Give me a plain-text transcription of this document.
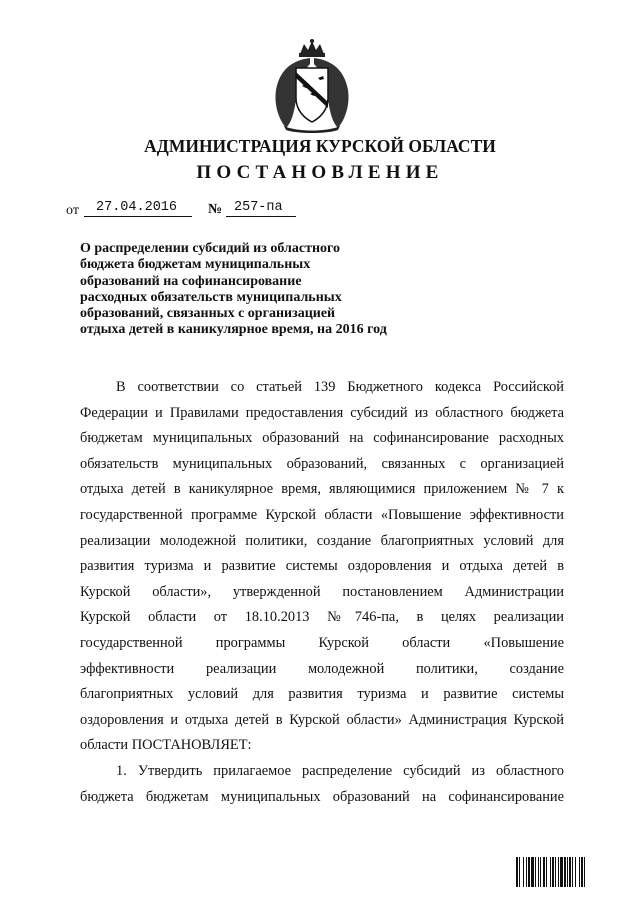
АДМИНИСТРАЦИЯ КУРСКОЙ ОБЛАСТИ
ПОСТАНОВЛЕНИЕ
от	27.04.2016	№ 257-па
О распределении субсидий из областного
бюджета бюджетам муниципальных
образований на софинансирование
расходных обязательств муниципальных
образований, связанных с организацией
отдыха детей в каникулярное время, на 2016 год
В соответствии со статьей 139 Бюджетного кодекса Российской
Федерации и Правилами предоставления субсидий из областного бюджета
бюджетам муниципальных образований на софинансирование расходных
обязательств муниципальных образований, связанных с организацией
отдыха детей в каникулярное время, являющимися приложением № 7 к
государственной программе Курской области «Повышение эффективности
реализации молодежной политики, создание благоприятных условий для
развития туризма и развитие системы оздоровления и отдыха детей в
Курской области», утвержденной постановлением Администрации
Курской области от 18.10.2013 №746-па, в целях реализации
государственной программы Курской области «Повышение
эффективности реализации молодежной политики, создание
благоприятных условий для развития туризма и развитие системы
оздоровления и отдыха детей в Курской области» Администрация Курской
области ПОСТАНОВЛЯЕТ:
1. Утвердить прилагаемое распределение субсидий из областного
бюджета бюджетам муниципальных образований на софинансирование
